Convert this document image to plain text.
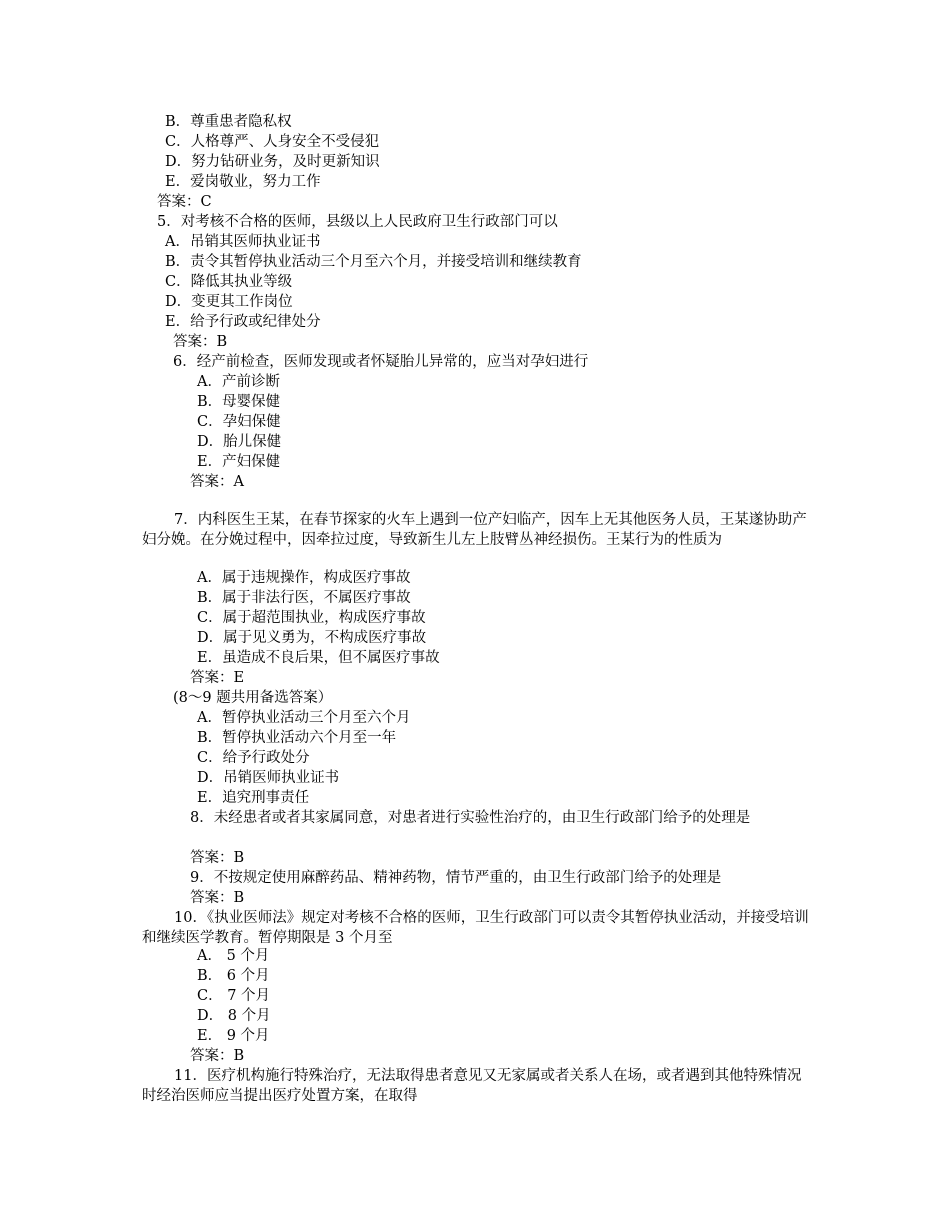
B．尊重患者隐私权
C．人格尊严、人身安全不受侵犯
D．努力钻研业务，及时更新知识
E．爱岗敬业，努力工作
答案：C
5．对考核不合格的医师，县级以上人民政府卫生行政部门可以
A．吊销其医师执业证书
B．责令其暂停执业活动三个月至六个月，并接受培训和继续教育
C．降低其执业等级
D．变更其工作岗位
E．给予行政或纪律处分
答案：B
6．经产前检查，医师发现或者怀疑胎儿异常的，应当对孕妇进行
A．产前诊断
B．母婴保健
C．孕妇保健
D．胎儿保健
E．产妇保健
答案：A
7．内科医生王某，在春节探家的火车上遇到一位产妇临产，因车上无其他医务人员，王某遂协助产妇分娩。在分娩过程中，因牵拉过度，导致新生儿左上肢臂丛神经损伤。王某行为的性质为
A．属于违规操作，构成医疗事故
B．属于非法行医，不属医疗事故
C．属于超范围执业，构成医疗事故
D．属于见义勇为，不构成医疗事故
E．虽造成不良后果，但不属医疗事故
答案：E
(8～9 题共用备选答案）
A．暂停执业活动三个月至六个月
B．暂停执业活动六个月至一年
C．给予行政处分
D．吊销医师执业证书
E．追究刑事责任
8．未经患者或者其家属同意，对患者进行实验性治疗的，由卫生行政部门给予的处理是
答案：B
9．不按规定使用麻醉药品、精神药物，情节严重的，由卫生行政部门给予的处理是
答案：B
10．《执业医师法》规定对考核不合格的医师，卫生行政部门可以责令其暂停执业活动，并接受培训和继续医学教育。暂停期限是 3 个月至
A． 5 个月
B． 6 个月
C． 7 个月
D． 8 个月
E． 9 个月
答案：B
11．医疗机构施行特殊治疗，无法取得患者意见又无家属或者关系人在场，或者遇到其他特殊情况时经治医师应当提出医疗处置方案，在取得
